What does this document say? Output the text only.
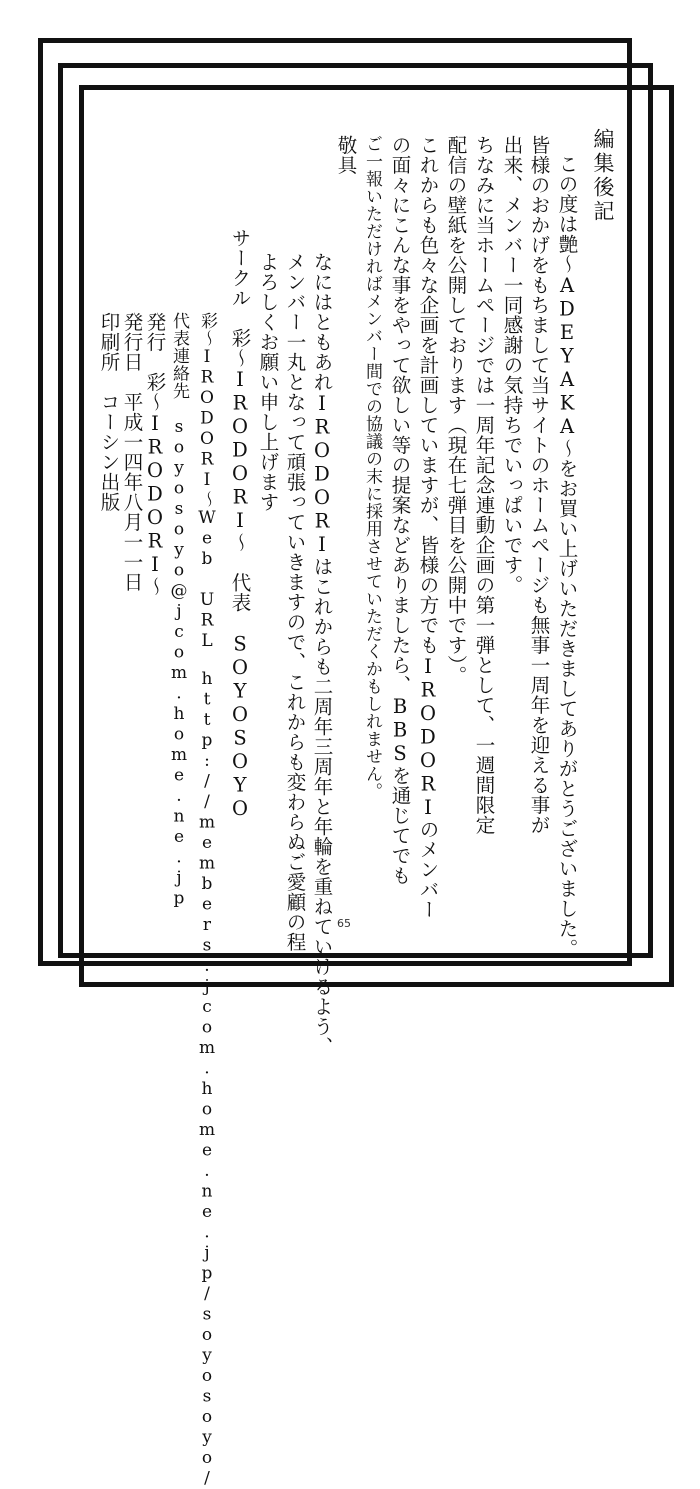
編集後記
この度は艶〜ADEYAKA〜をお買い上げいただきましてありがとうございました。
皆様のおかげをもちまして当サイトのホームページも無事一周年を迎える事が
出来、メンバー一同感謝の気持ちでいっぱいです。
ちなみに当ホームページでは一周年記念連動企画の第一弾として、一週間限定
配信の壁紙を公開しております（現在七弾目を公開中です）。
これからも色々な企画を計画していますが、皆様の方でもIRODORIのメンバー
の面々にこんな事をやって欲しい等の提案などありましたら、BBSを通じてでも
ご一報いただければメンバー間での協議の末に採用させていただくかもしれません。
敬具
なにはともあれIRODORIはこれからも二周年三周年と年輪を重ねていけるよう、
メンバー一丸となって頑張っていきますので、これからも変わらぬご愛顧の程
よろしくお願い申し上げます
サークル　彩〜IRODORI〜　代表　SOYOSOYO
彩〜IRODORI〜Web URL　http://members.jcom.home.ne.jp/soyosoyo/
代表連絡先　soyosoyo@jcom.home.ne.jp
発行　彩〜IRODORI〜
発行日　平成一四年八月一一日
印刷所　コーシン出版
65
